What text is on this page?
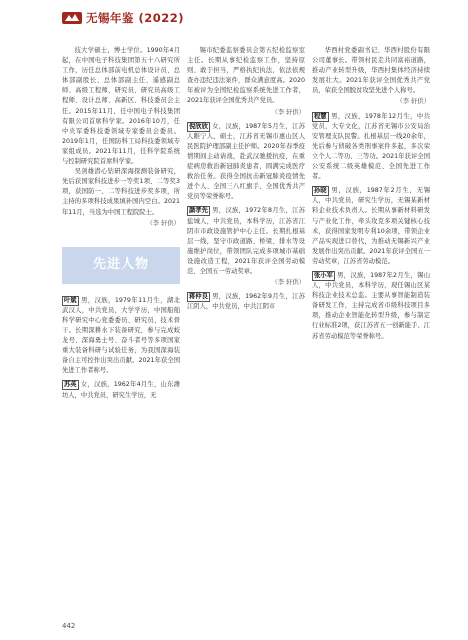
无锡年鉴 (2022)

技大学硕士，博士学位。1990年4月起，在中国电子科技集团第五十八研究所工作，历任总体部前电机总体设计员、总体部副股长、总体部副主任、遥感副总师、高级工程师、研究员、研究员高级工程师、设计总师、高新区、科技委员会主任。2015年11月，任中国电子科技集团有限公司首席科学家。2016年10月，任中央军委科技委领域专家委员会委员。2019年1月，任国防科工局科技委领域专家组成员。2021年11月，任科学院系统与控制研究院首席科学家。

吴剑雄潜心钻研深海探测装备研究，先后获国家科技进步一等奖1项、二等奖3项，获国防一、二等科技进步奖多项，所主持的多项科技成果填补国内空白。2021年11月，当选为中国工程院院士。

（李 轩供）
先进人物

叶斌 男，汉族，1979年11月生，湖北武汉人，中共党员，大学学历，中国船舶科学研究中心党委委员、研究员、技术骨干。长期深耕水下装备研究，参与完成蛟龙号、深海勇士号、奋斗者号等多项国家重大装备科研与试验任务，为我国深海装备自主可控作出突出贡献。2021年获全国先进工作者称号。

苏英 女，汉族，1962年4月生，山东潍坊人，中共党员，研究生学历，无

锡市纪委监察委员会第五纪检监察室主任。长期从事纪检监察工作，坚持原则、敢于担当，严格执纪执法，依法依规查办违纪违法案件，群众满意度高。2020年被评为全国纪检监察系统先进工作者，2021年获评全国优秀共产党员。

（李 轩供）

倪欣欣 女，汉族，1987年5月生，江苏人睢宁人，硕士，江苏省无锡市惠山区人民医院护理部副主任护师。2020年春季疫情期间主动请战，赴武汉驰援抗疫，在重症病房救治新冠肺炎患者，圆满完成医疗救治任务。获得全国抗击新冠肺炎疫情先进个人、全国三八红旗手、全国优秀共产党员等荣誉称号。

颜孝先 男，汉族，1972年8月生，江苏盐城人，中共党员，本科学历，江苏省江阴市市政设施管护中心主任。长期扎根基层一线，坚守市政道路、桥梁、排水等设施维护岗位，带领团队完成多项城市基础设施改造工程，2021年获评全国劳动模范、全国五一劳动奖章。

（李 轩供）

蒋仲良 男，汉族，1962年9月生，江苏江阴人，中共党员，中共江阴市

华西村党委副书记、华西村股份有限公司董事长。带领村民走共同富裕道路，推动产业转型升级，华西村集体经济持续发展壮大。2021年获评全国优秀共产党员，荣获全国脱贫攻坚先进个人称号。

（李 轩供）

程慧 男，汉族，1978年12月生，中共党员，大专文化，江苏省无锡市公安局治安管理支队民警。扎根基层一线20余年，先后参与侦破各类刑事案件多起，多次荣立个人二等功、三等功。2021年获评全国公安系统二级英雄模范、全国先进工作者。

孙晓 男，汉族，1987年2月生，无锡人，中共党员，研究生学历，无锡某新材料企业技术负责人。长期从事新材料研发与产业化工作，牵头攻克多项关键核心技术，获得国家发明专利10余项，带领企业产品实现进口替代，为推动无锡新兴产业发展作出突出贡献。2021年获评全国五一劳动奖章，江苏省劳动模范。

张小军 男，汉族，1987年2月生，锡山人，中共党员，本科学历，现任锡山区某科技企业技术总监。主要从事智能制造装备研发工作，主持完成省市级科技项目多项，推动企业智能化转型升级，参与制定行业标准2项，获江苏省五一创新能手、江苏省劳动模范等荣誉称号。

442
